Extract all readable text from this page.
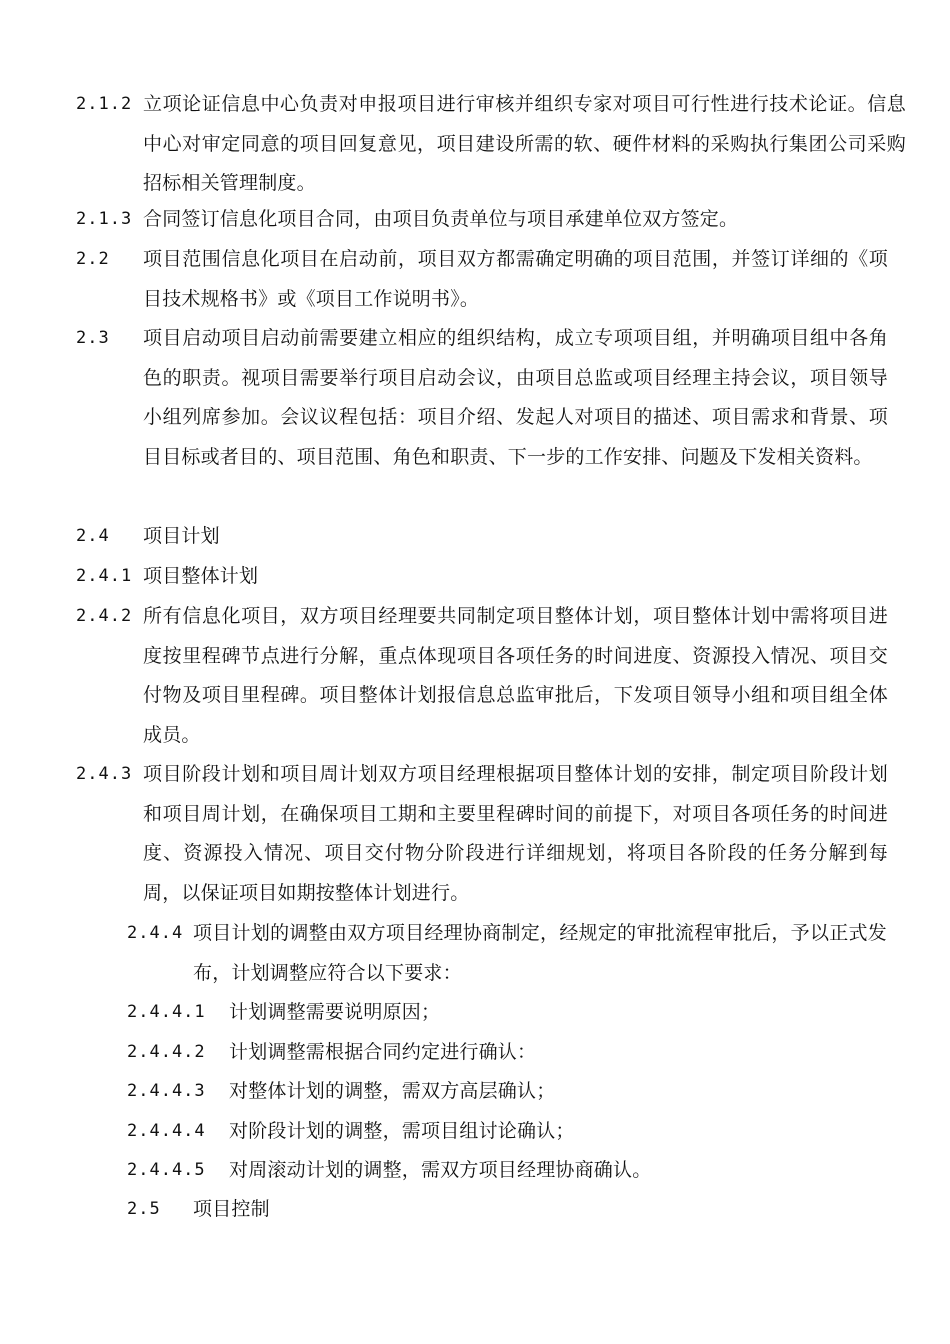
2.1.2 立项论证信息中心负责对申报项目进行审核并组织专家对项目可行性进行技术论证。信息中心对审定同意的项目回复意见，项目建设所需的软、硬件材料的采购执行集团公司采购招标相关管理制度。
2.1.3 合同签订信息化项目合同，由项目负责单位与项目承建单位双方签定。
2.2 项目范围信息化项目在启动前，项目双方都需确定明确的项目范围，并签订详细的《项目技术规格书》或《项目工作说明书》。
2.3 项目启动项目启动前需要建立相应的组织结构，成立专项项目组，并明确项目组中各角色的职责。视项目需要举行项目启动会议，由项目总监或项目经理主持会议，项目领导小组列席参加。会议议程包括：项目介绍、发起人对项目的描述、项目需求和背景、项目目标或者目的、项目范围、角色和职责、下一步的工作安排、问题及下发相关资料。
2.4 项目计划
2.4.1 项目整体计划
2.4.2 所有信息化项目，双方项目经理要共同制定项目整体计划，项目整体计划中需将项目进度按里程碑节点进行分解，重点体现项目各项任务的时间进度、资源投入情况、项目交付物及项目里程碑。项目整体计划报信息总监审批后，下发项目领导小组和项目组全体成员。
2.4.3 项目阶段计划和项目周计划双方项目经理根据项目整体计划的安排，制定项目阶段计划和项目周计划，在确保项目工期和主要里程碑时间的前提下，对项目各项任务的时间进度、资源投入情况、项目交付物分阶段进行详细规划，将项目各阶段的任务分解到每周，以保证项目如期按整体计划进行。
2.4.4 项目计划的调整由双方项目经理协商制定，经规定的审批流程审批后，予以正式发布，计划调整应符合以下要求：
2.4.4.1 计划调整需要说明原因；
2.4.4.2 计划调整需根据合同约定进行确认：
2.4.4.3 对整体计划的调整，需双方高层确认；
2.4.4.4 对阶段计划的调整，需项目组讨论确认；
2.4.4.5 对周滚动计划的调整，需双方项目经理协商确认。
2.5 项目控制
